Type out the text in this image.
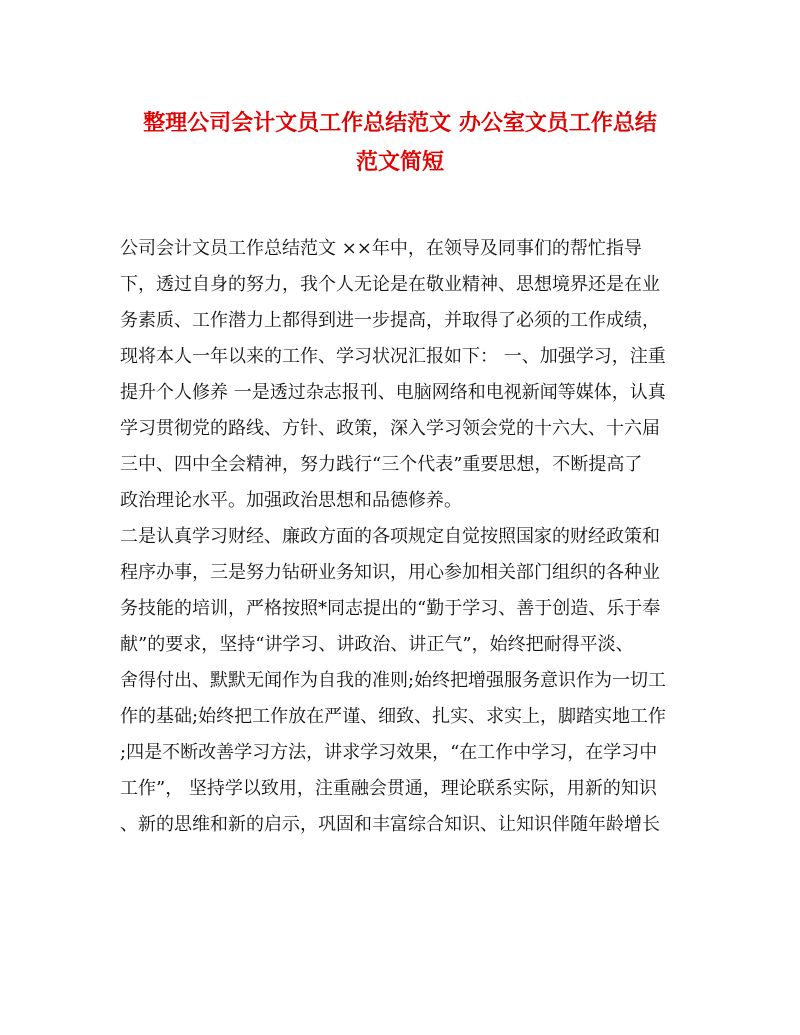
整理公司会计文员工作总结范文 办公室文员工作总结
范文简短

公司会计文员工作总结范文 ××年中，在领导及同事们的帮忙指导

下，透过自身的努力，我个人无论是在敬业精神、思想境界还是在业

务素质、工作潜力上都得到进一步提高，并取得了必须的工作成绩，

现将本人一年以来的工作、学习状况汇报如下： 一、加强学习，注重

提升个人修养 一是透过杂志报刊、电脑网络和电视新闻等媒体，认真

学习贯彻党的路线、方针、政策，深入学习领会党的十六大、十六届

三中、四中全会精神，努力践行“三个代表”重要思想，不断提高了

政治理论水平。加强政治思想和品德修养。

二是认真学习财经、廉政方面的各项规定自觉按照国家的财经政策和

程序办事，三是努力钻研业务知识，用心参加相关部门组织的各种业

务技能的培训，严格按照*同志提出的“勤于学习、善于创造、乐于奉

献”的要求，坚持“讲学习、讲政治、讲正气”，始终把耐得平淡、

舍得付出、默默无闻作为自我的准则;始终把增强服务意识作为一切工

作的基础;始终把工作放在严谨、细致、扎实、求实上，脚踏实地工作

;四是不断改善学习方法，讲求学习效果，“在工作中学习，在学习中

工作”， 坚持学以致用，注重融会贯通，理论联系实际，用新的知识

、新的思维和新的启示，巩固和丰富综合知识、让知识伴随年龄增长
